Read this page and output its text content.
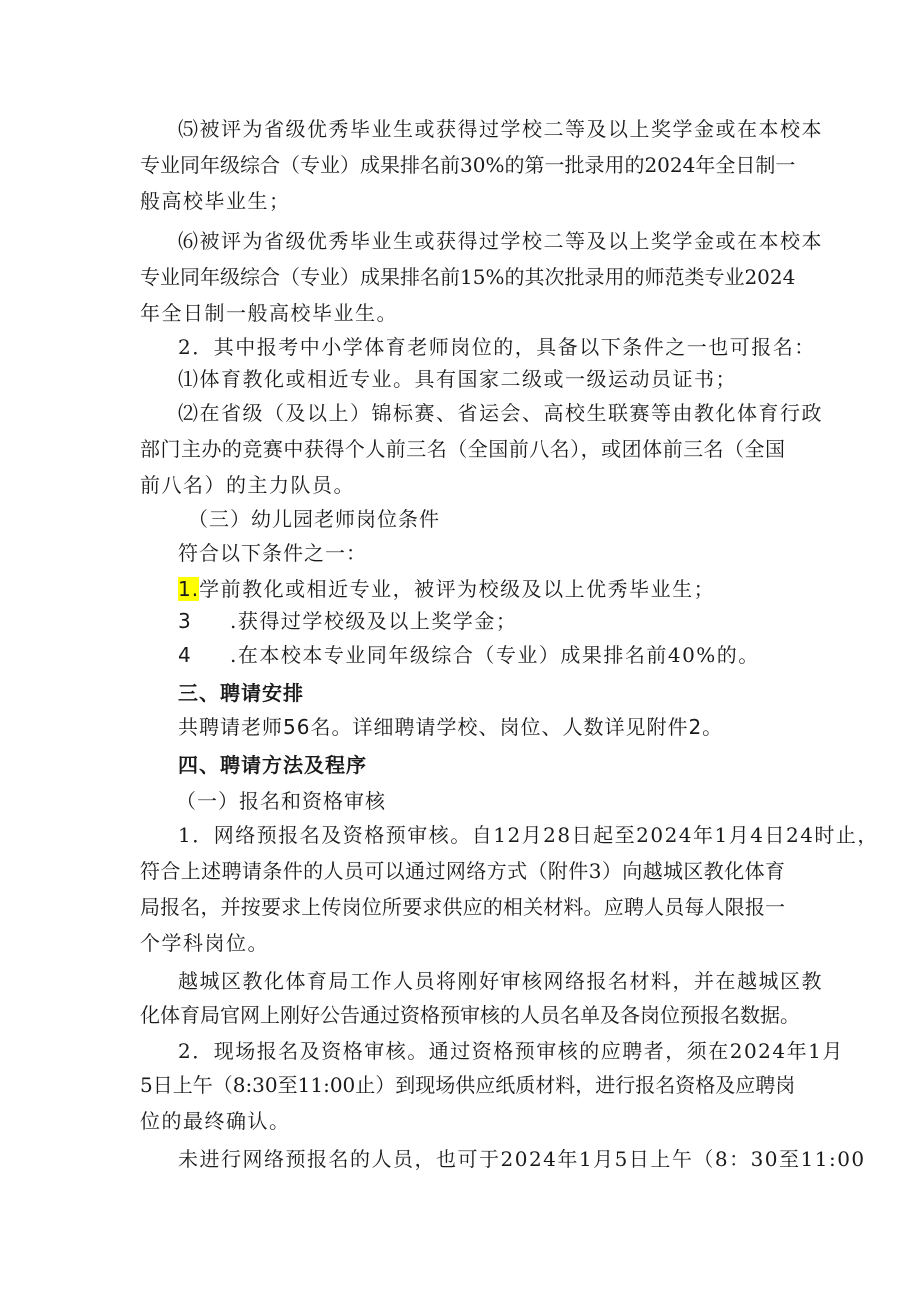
⑸被评为省级优秀毕业生或获得过学校二等及以上奖学金或在本校本
专业同年级综合（专业）成果排名前30%的第一批录用的2024年全日制一
般高校毕业生；
⑹被评为省级优秀毕业生或获得过学校二等及以上奖学金或在本校本
专业同年级综合（专业）成果排名前15%的其次批录用的师范类专业2024
年全日制一般高校毕业生。
2．其中报考中小学体育老师岗位的，具备以下条件之一也可报名：
⑴体育教化或相近专业。具有国家二级或一级运动员证书；
⑵在省级（及以上）锦标赛、省运会、高校生联赛等由教化体育行政
部门主办的竞赛中获得个人前三名（全国前八名），或团体前三名（全国
前八名）的主力队员。
（三）幼儿园老师岗位条件
符合以下条件之一：
1.学前教化或相近专业，被评为校级及以上优秀毕业生；
3 .获得过学校级及以上奖学金；
4 .在本校本专业同年级综合（专业）成果排名前40%的。
三、聘请安排
共聘请老师56名。详细聘请学校、岗位、人数详见附件2。
四、聘请方法及程序
（一）报名和资格审核
1．网络预报名及资格预审核。自12月28日起至2024年1月4日24时止，
符合上述聘请条件的人员可以通过网络方式（附件3）向越城区教化体育
局报名，并按要求上传岗位所要求供应的相关材料。应聘人员每人限报一
个学科岗位。
越城区教化体育局工作人员将刚好审核网络报名材料，并在越城区教
化体育局官网上刚好公告通过资格预审核的人员名单及各岗位预报名数据。
2．现场报名及资格审核。通过资格预审核的应聘者，须在2024年1月
5日上午（8:30至11:00止）到现场供应纸质材料，进行报名资格及应聘岗
位的最终确认。
未进行网络预报名的人员，也可于2024年1月5日上午（8：30至11:00
